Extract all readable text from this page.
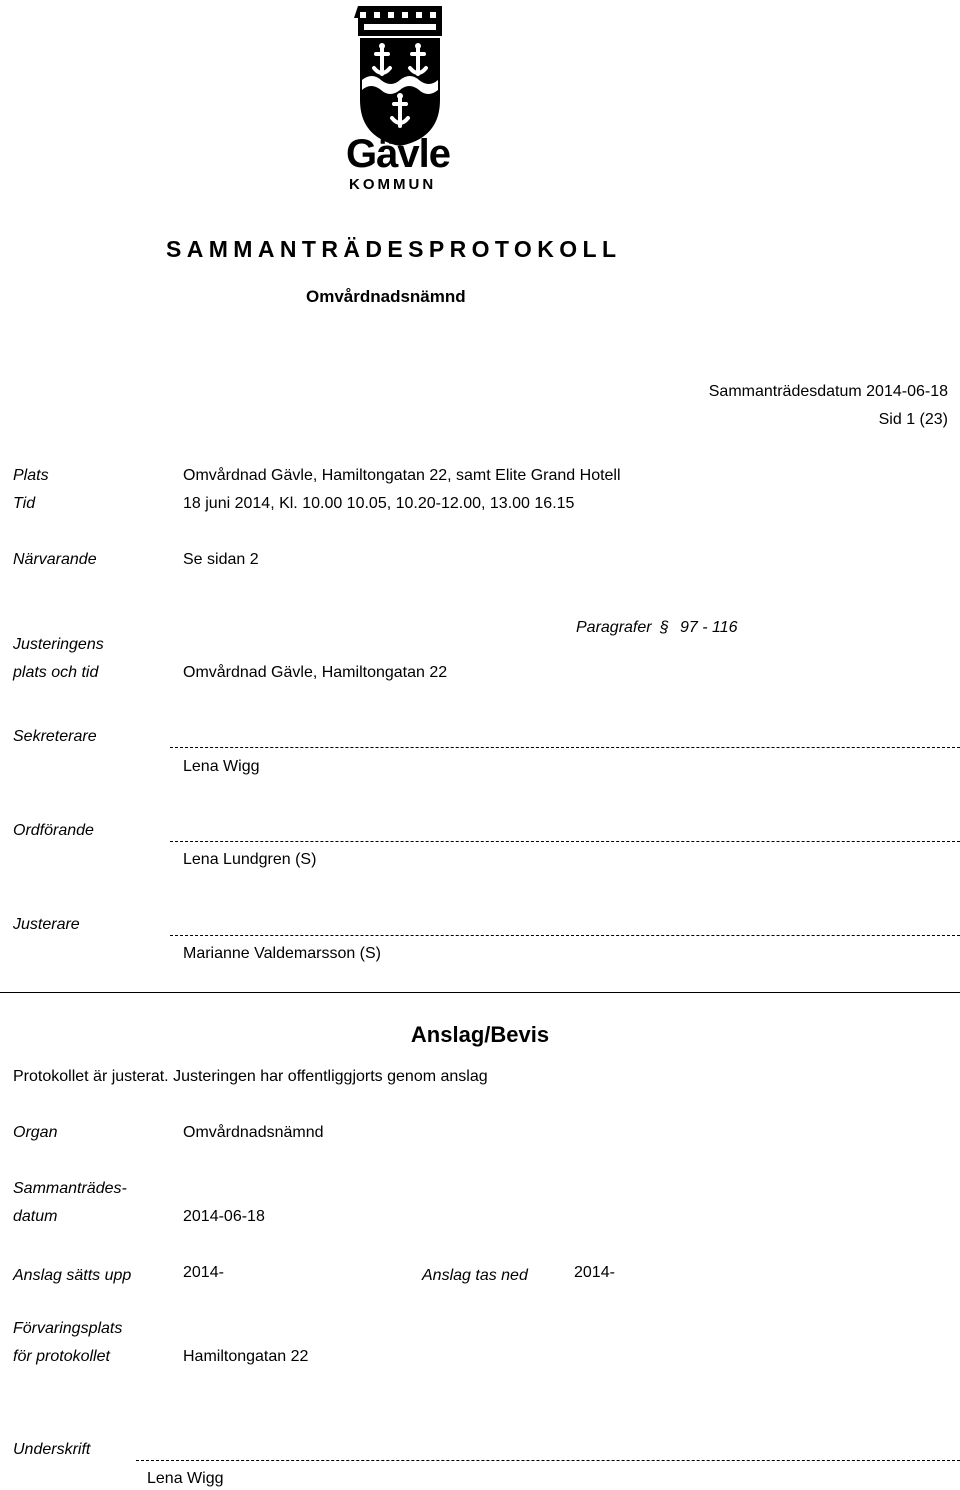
Gävle
KOMMUN
SAMMANTRÄDESPROTOKOLL
Omvårdnadsnämnd
Sammanträdesdatum 2014-06-18
Sid 1 (23)
Plats	Omvårdnad Gävle, Hamiltongatan 22, samt Elite Grand Hotell
Tid	18 juni 2014, Kl. 10.00 10.05, 10.20-12.00, 13.00 16.15
Närvarande	Se sidan 2
Justeringens
plats och tid	Omvårdnad Gävle, Hamiltongatan 22
Paragrafer § 97 - 116
Sekreterare
Lena Wigg
Ordförande
Lena Lundgren (S)
Justerare
Marianne Valdemarsson (S)
Anslag/Bevis
Protokollet är justerat. Justeringen har offentliggjorts genom anslag
Organ	Omvårdnadsnämnd
Sammanträdes-
datum	2014-06-18
Anslag sätts upp	2014-	Anslag tas ned	2014-
Förvaringsplats
för protokollet	Hamiltongatan 22
Underskrift
Lena Wigg
